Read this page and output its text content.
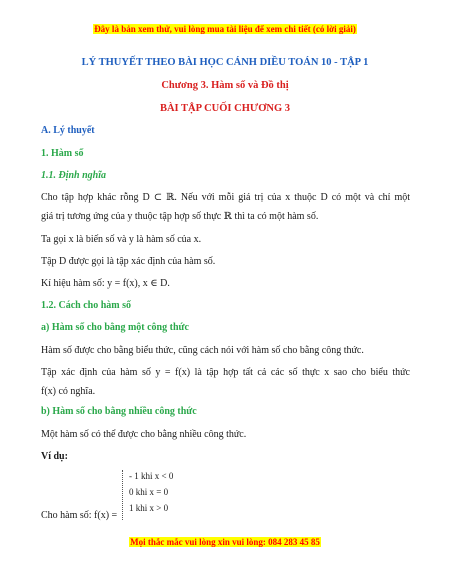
Đây là bản xem thử, vui lòng mua tài liệu để xem chi tiết (có lời giải)
LÝ THUYẾT THEO BÀI HỌC CÁNH DIỀU TOÁN 10 - TẬP 1
Chương 3. Hàm số và Đồ thị
BÀI TẬP CUỐI CHƯƠNG 3
A. Lý thuyết
1. Hàm số
1.1. Định nghĩa
Cho tập hợp khác rỗng D ⊂ ℝ. Nếu với mỗi giá trị của x thuộc D có một và chỉ một
giá trị tương ứng của y thuộc tập hợp số thực ℝ thì ta có một hàm số.
Ta gọi x là biến số và y là hàm số của x.
Tập D được gọi là tập xác định của hàm số.
Kí hiệu hàm số: y = f(x), x ∈ D.
1.2. Cách cho hàm số
a) Hàm số cho bằng một công thức
Hàm số được cho bằng biểu thức, cũng cách nói với hàm số cho bằng công thức.
Tập xác định của hàm số y = f(x) là tập hợp tất cả các số thực x sao cho biểu thức
f(x) có nghĩa.
b) Hàm số cho bằng nhiều công thức
Một hàm số có thể được cho bằng nhiều công thức.
Ví dụ:
- 1 khi x < 0
0 khi x = 0
1 khi x > 0
Cho hàm số: f(x) =
Mọi thắc mắc vui lòng xin vui lòng: 084 283 45 85
